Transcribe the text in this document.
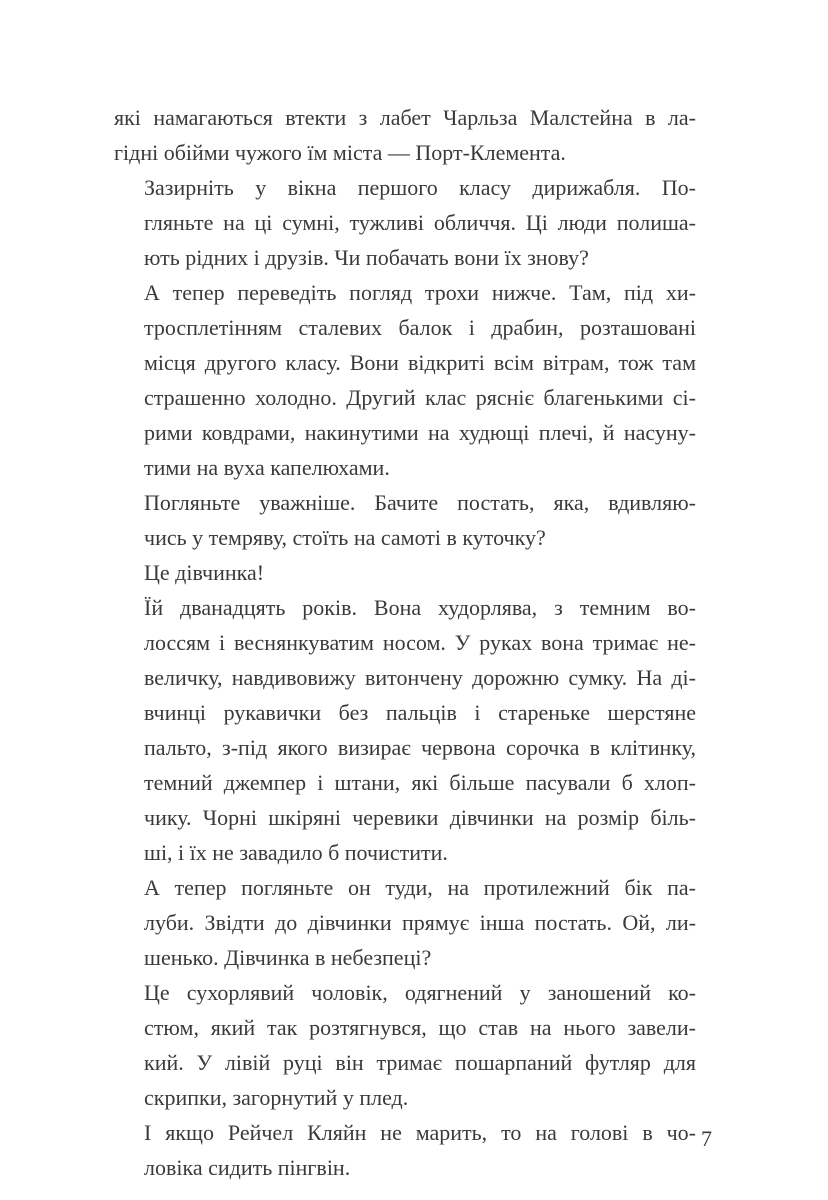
які намагаються втекти з лабет Чарльза Малстейна в ла-
гідні обійми чужого їм міста — Порт-Клемента.

Зазирніть у вікна першого класу дирижабля. По-
гляньте на ці сумні, тужливі обличчя. Ці люди полиша-
ють рідних і друзів. Чи побачать вони їх знову?

А тепер переведіть погляд трохи нижче. Там, під хи-
тросплетінням сталевих балок і драбин, розташовані
місця другого класу. Вони відкриті всім вітрам, тож там
страшенно холодно. Другий клас рясніє благенькими сі-
рими ковдрами, накинутими на худющі плечі, й насуну-
тими на вуха капелюхами.

Погляньте уважніше. Бачите постать, яка, вдивляю-
чись у темряву, стоїть на самоті в куточку?

Це дівчинка!

Їй дванадцять років. Вона худорлява, з темним во-
лоссям і веснянкуватим носом. У руках вона тримає не-
величку, навдивовижу витончену дорожню сумку. На ді-
вчинці рукавички без пальців і стареньке шерстяне
пальто, з-під якого визирає червона сорочка в клітинку,
темний джемпер і штани, які більше пасували б хлоп-
чику. Чорні шкіряні черевики дівчинки на розмір біль-
ші, і їх не завадило б почистити.

А тепер погляньте он туди, на протилежний бік па-
луби. Звідти до дівчинки прямує інша постать. Ой, ли-
шенько. Дівчинка в небезпеці?

Це сухорлявий чоловік, одягнений у заношений ко-
стюм, який так розтягнувся, що став на нього завели-
кий. У лівій руці він тримає пошарпаний футляр для
скрипки, загорнутий у плед.

І якщо Рейчел Кляйн не марить, то на голові в чо-
ловіка сидить пінгвін.

7
